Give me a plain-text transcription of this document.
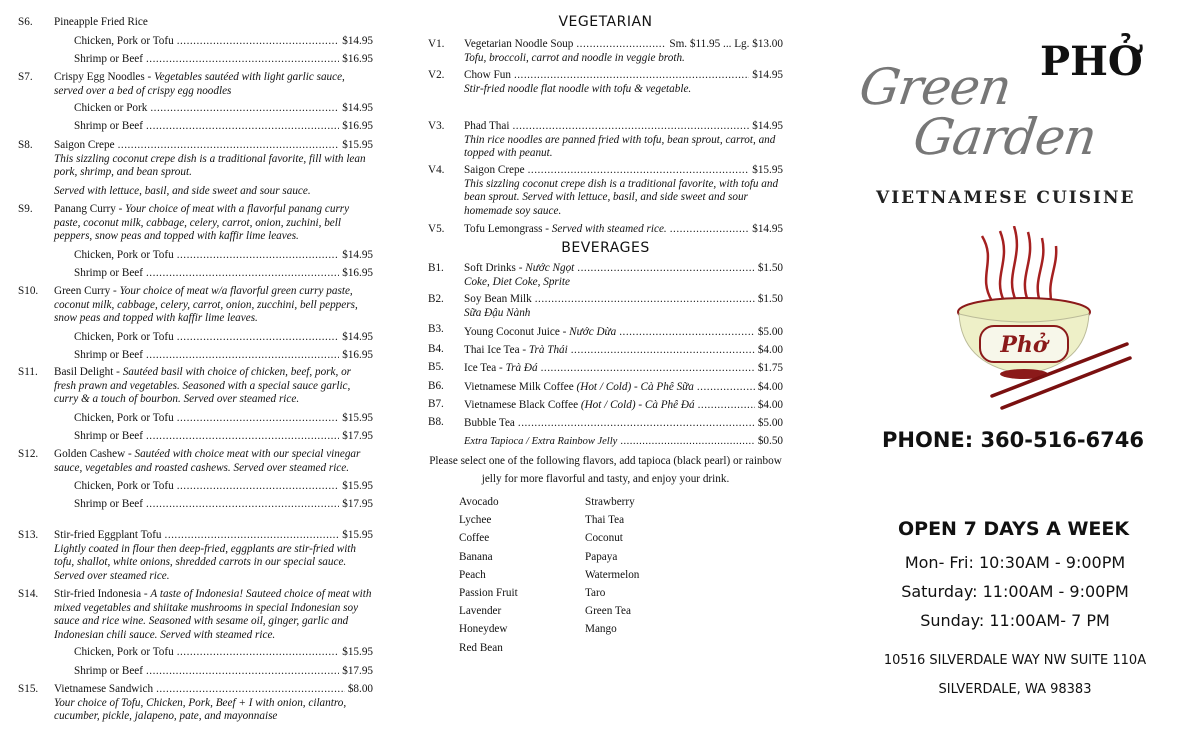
S6.	Pineapple Fried Rice
Chicken, Pork or Tofu .....	$14.95
Shrimp or Beef .....	$16.95
S7.	Crispy Egg Noodles - Vegetables sautéed with light garlic sauce, served over a bed of crispy egg noodles
Chicken or Pork .....	$14.95
Shrimp or Beef .....	$16.95
S8.	Saigon Crepe .....	$15.95
This sizzling coconut crepe dish is a traditional favorite, fill with lean pork, shrimp, and bean sprout.
Served with lettuce, basil, and side sweet and sour sauce.
S9.	Panang Curry - Your choice of meat with a flavorful panang curry paste, coconut milk, cabbage, celery, carrot, onion, zuchini, bell peppers, snow peas and topped with kaffir lime leaves.
Chicken, Pork or Tofu .....	$14.95
Shrimp or Beef .....	$16.95
S10.	Green Curry - Your choice of meat w/a flavorful green curry paste, coconut milk, cabbage, celery, carrot, onion, zucchini, bell peppers, snow peas and topped with kaffir lime leaves.
Chicken, Pork or Tofu .....	$14.95
Shrimp or Beef .....	$16.95
S11.	Basil Delight - Sautéed basil with choice of chicken, beef, pork, or fresh prawn and vegetables. Seasoned with a special sauce garlic, curry & a touch of bourbon. Served over steamed rice.
Chicken, Pork or Tofu .....	$15.95
Shrimp or Beef .....	$17.95
S12.	Golden Cashew - Sautéed with choice meat with our special vinegar sauce, vegetables and roasted cashews. Served over steamed rice.
Chicken, Pork or Tofu .....	$15.95
Shrimp or Beef .....	$17.95
S13.	Stir-fried Eggplant Tofu .....	$15.95
Lightly coated in flour then deep-fried, eggplants are stir-fried with tofu, shallot, white onions, shredded carrots in our special sauce. Served over steamed rice.
S14.	Stir-fried Indonesia - A taste of Indonesia! Sauteed choice of meat with mixed vegetables and shiitake mushrooms in special Indonesian soy sauce and rice wine. Seasoned with sesame oil, ginger, garlic and Indonesian chili sauce. Served with steamed rice.
Chicken, Pork or Tofu .....	$15.95
Shrimp or Beef .....	$17.95
S15.	Vietnamese Sandwich .....	$8.00
Your choice of Tofu, Chicken, Pork, Beef + I with onion, cilantro, cucumber, pickle, jalapeno, pate, and mayonnaise
VEGETARIAN
V1.	Vegetarian Noodle Soup .....	Sm. $11.95 ... Lg. $13.00
Tofu, broccoli, carrot and noodle in veggie broth.
V2.	Chow Fun .....	$14.95
Stir-fried noodle flat noodle with tofu & vegetable.
V3.	Phad Thai .....	$14.95
Thin rice noodles are panned fried with tofu, bean sprout, carrot, and topped with peanut.
V4.	Saigon Crepe .....	$15.95
This sizzling coconut crepe dish is a traditional favorite, with tofu and bean sprout. Served with lettuce, basil, and side sweet and sour homemade soy sauce.
V5.	Tofu Lemongrass - Served with steamed rice. .....	$14.95
BEVERAGES
B1.	Soft Drinks - Nước Ngọt .....	$1.50
Coke, Diet Coke, Sprite
B2.	Soy Bean Milk .....	$1.50
Sữa Đậu Nành
B3.	Young Coconut Juice - Nước Dừa .....	$5.00
B4.	Thai Ice Tea - Trà Thái .....	$4.00
B5.	Ice Tea - Trà Đá .....	$1.75
B6.	Vietnamese Milk Coffee (Hot / Cold) - Cà Phê Sữa .....	$4.00
B7.	Vietnamese Black Coffee (Hot / Cold) - Cà Phê Đá .....	$4.00
B8.	Bubble Tea .....	$5.00
Extra Tapioca / Extra Rainbow Jelly .....	$0.50
Please select one of the following flavors, add tapioca (black pearl) or rainbow jelly for more flavorful and tasty, and enjoy your drink.
Avocado
Lychee
Coffee
Banana
Peach
Passion Fruit
Lavender
Honeydew
Red Bean
Strawberry
Thai Tea
Coconut
Papaya
Watermelon
Taro
Green Tea
Mango
Green PHỞ
Garden
VIETNAMESE CUISINE
Phở
PHONE: 360-516-6746
OPEN 7 DAYS A WEEK
Mon- Fri: 10:30AM - 9:00PM
Saturday: 11:00AM - 9:00PM
Sunday: 11:00AM- 7 PM
10516 SILVERDALE WAY NW SUITE 110A
SILVERDALE, WA 98383
